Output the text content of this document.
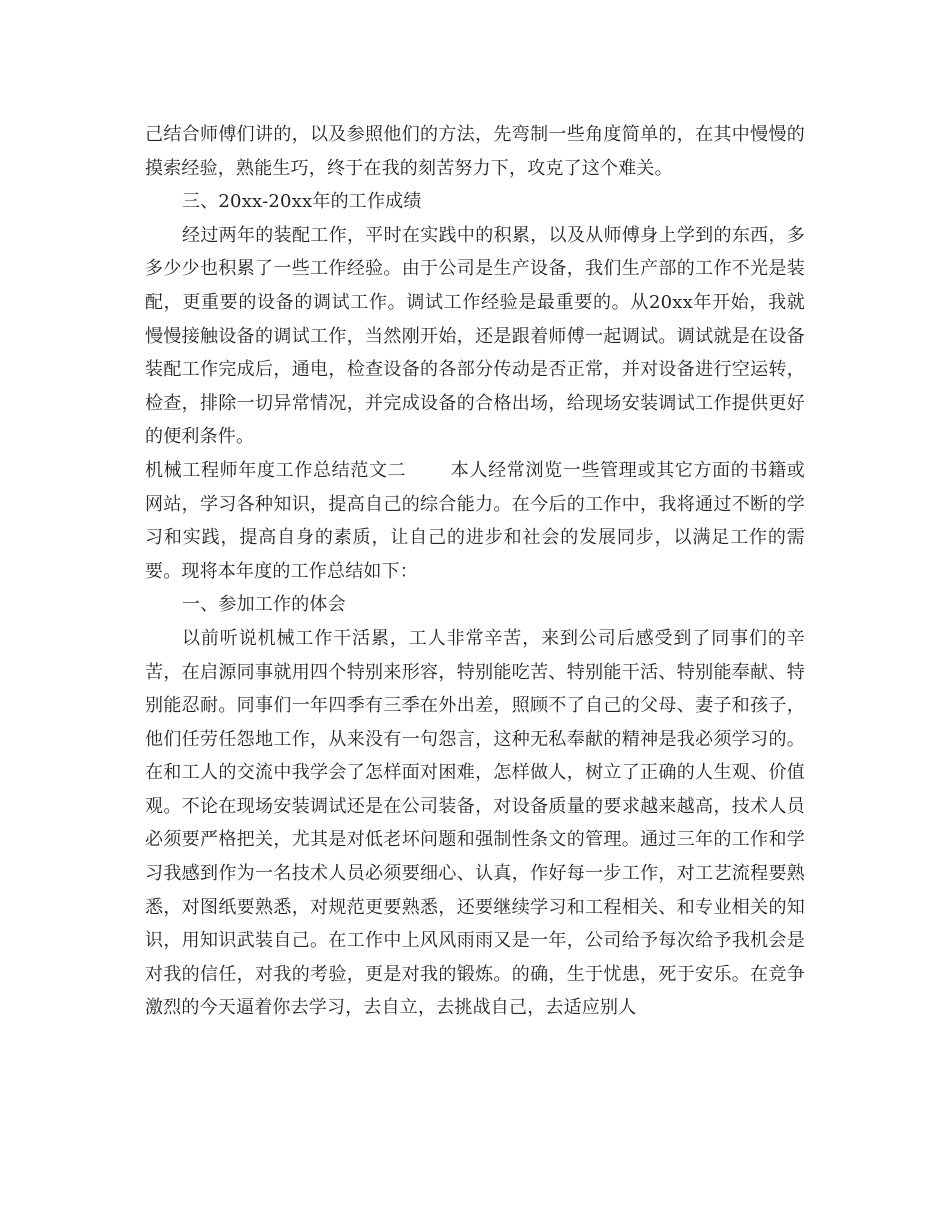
己结合师傅们讲的，以及参照他们的方法，先弯制一些角度简单的，在其中慢慢的摸索经验，熟能生巧，终于在我的刻苦努力下，攻克了这个难关。

三、20xx-20xx年的工作成绩

经过两年的装配工作，平时在实践中的积累，以及从师傅身上学到的东西，多多少少也积累了一些工作经验。由于公司是生产设备，我们生产部的工作不光是装配，更重要的设备的调试工作。调试工作经验是最重要的。从20xx年开始，我就慢慢接触设备的调试工作，当然刚开始，还是跟着师傅一起调试。调试就是在设备装配工作完成后，通电，检查设备的各部分传动是否正常，并对设备进行空运转，检查，排除一切异常情况，并完成设备的合格出场，给现场安装调试工作提供更好的便利条件。

机械工程师年度工作总结范文二 本人经常浏览一些管理或其它方面的书籍或网站，学习各种知识，提高自己的综合能力。在今后的工作中，我将通过不断的学习和实践，提高自身的素质，让自己的进步和社会的发展同步，以满足工作的需要。现将本年度的工作总结如下：

一、参加工作的体会

以前听说机械工作干活累，工人非常辛苦，来到公司后感受到了同事们的辛苦，在启源同事就用四个特别来形容，特别能吃苦、特别能干活、特别能奉献、特别能忍耐。同事们一年四季有三季在外出差，照顾不了自己的父母、妻子和孩子，他们任劳任怨地工作，从来没有一句怨言，这种无私奉献的精神是我必须学习的。在和工人的交流中我学会了怎样面对困难，怎样做人，树立了正确的人生观、价值观。不论在现场安装调试还是在公司装备，对设备质量的要求越来越高，技术人员必须要严格把关，尤其是对低老坏问题和强制性条文的管理。通过三年的工作和学习我感到作为一名技术人员必须要细心、认真，作好每一步工作，对工艺流程要熟悉，对图纸要熟悉，对规范更要熟悉，还要继续学习和工程相关、和专业相关的知识，用知识武装自己。在工作中上风风雨雨又是一年，公司给予每次给予我机会是对我的信任，对我的考验，更是对我的锻炼。的确，生于忧患，死于安乐。在竞争激烈的今天逼着你去学习，去自立，去挑战自己，去适应别人
